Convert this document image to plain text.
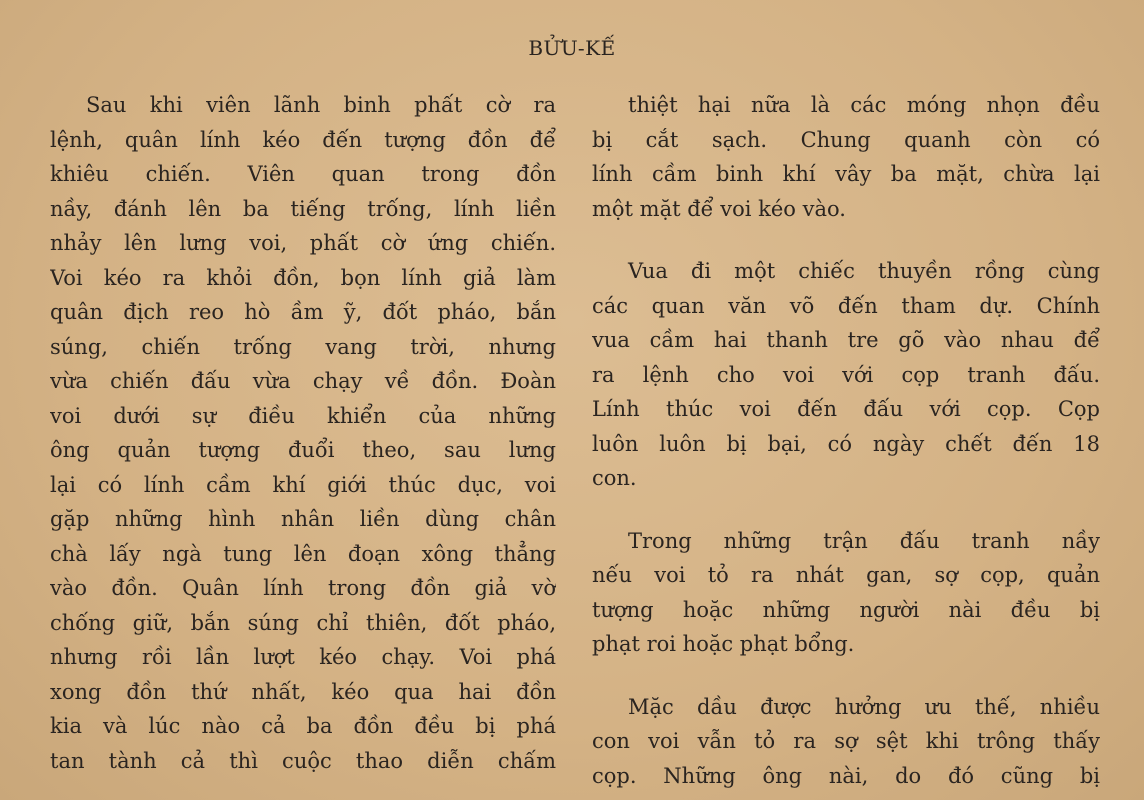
BỬU-KẾ

Sau khi viên lãnh binh phất cờ ra
lệnh, quân lính kéo đến tượng đồn để
khiêu chiến. Viên quan trong đồn
nầy, đánh lên ba tiếng trống, lính liền
nhảy lên lưng voi, phất cờ ứng chiến.
Voi kéo ra khỏi đồn, bọn lính giả làm
quân địch reo hò ầm ỹ, đốt pháo, bắn
súng, chiến trống vang trời, nhưng
vừa chiến đấu vừa chạy về đồn. Đoàn
voi dưới sự điều khiển của những
ông quản tượng đuổi theo, sau lưng
lại có lính cầm khí giới thúc dục, voi
gặp những hình nhân liền dùng chân
chà lấy ngà tung lên đoạn xông thẳng
vào đồn. Quân lính trong đồn giả vờ
chống giữ, bắn súng chỉ thiên, đốt pháo,
nhưng rồi lần lượt kéo chạy. Voi phá
xong đồn thứ nhất, kéo qua hai đồn
kia và lúc nào cả ba đồn đều bị phá
tan tành cả thì cuộc thao diễn chấm

thiệt hại nữa là các móng nhọn đều
bị cắt sạch. Chung quanh còn có
lính cầm binh khí vây ba mặt, chừa lại
một mặt để voi kéo vào.

Vua đi một chiếc thuyền rồng cùng
các quan văn võ đến tham dự. Chính
vua cầm hai thanh tre gõ vào nhau để
ra lệnh cho voi với cọp tranh đấu.
Lính thúc voi đến đấu với cọp. Cọp
luôn luôn bị bại, có ngày chết đến 18
con.

Trong những trận đấu tranh nầy
nếu voi tỏ ra nhát gan, sợ cọp, quản
tượng hoặc những người nài đều bị
phạt roi hoặc phạt bổng.

Mặc dầu được hưởng ưu thế, nhiều
con voi vẫn tỏ ra sợ sệt khi trông thấy
cọp. Những ông nài, do đó cũng bị
